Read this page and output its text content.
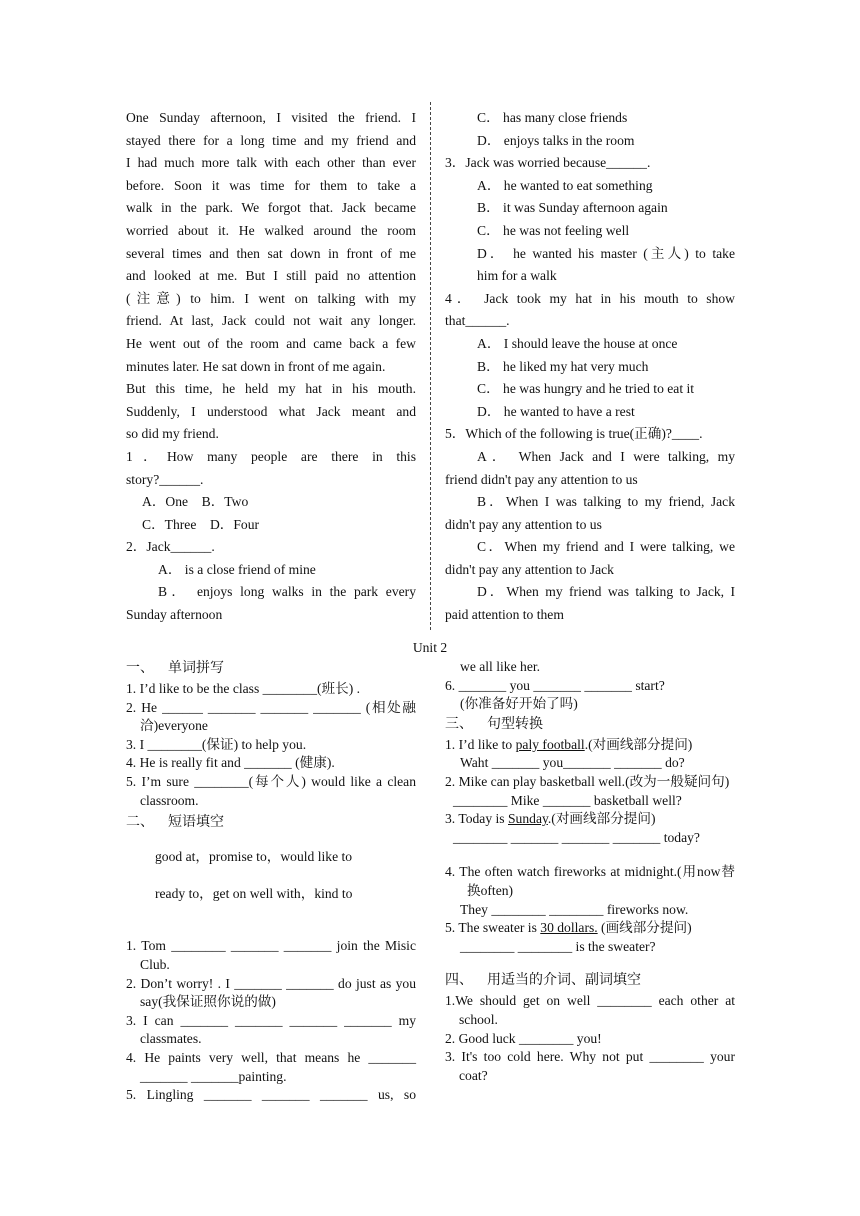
One Sunday afternoon, I visited the friend. I
stayed there for a long time and my friend and
I had much more talk with each other than ever
before. Soon it was time for them to take a
walk in the park. We forgot that. Jack became
worried about it. He walked around the room
several times and then sat down in front of me
and looked at me. But I still paid no attention
(注意) to him. I went on talking with my
friend. At last, Jack could not wait any longer.
He went out of the room and came back a few
minutes later. He sat down in front of me again.
But this time, he held my hat in his mouth.
Suddenly, I understood what Jack meant and
so did my friend.
1．How many people are there in this
story?______.
A．One    B．Two
C．Three    D．Four
2．Jack______.
A． is a close friend of mine
B． enjoys long walks in the park every
Sunday afternoon
C． has many close friends
D． enjoys talks in the room
3．Jack was worried because______.
A． he wanted to eat something
B． it was Sunday afternoon again
C． he was not feeling well
D． he wanted his master (主人) to take
him for a walk
4． Jack took my hat in his mouth to show
that______.
A． I should leave the house at once
B． he liked my hat very much
C． he was hungry and he tried to eat it
D． he wanted to have a rest
5．Which of the following is true(正确)?____.
A． When Jack and I were talking, my
friend didn't pay any attention to us
B．When I was talking to my friend, Jack
didn't pay any attention to us
C．When my friend and I were talking, we
didn't pay any attention to Jack
D．When my friend was talking to Jack, I
paid attention to them
Unit 2
一、 单词拼写
1. I’d like to be the class ________(班长) .
2. He ______ _______ _______ _______ (相处融洽)everyone
3. I ________(保证) to help you.
4. He is really fit and _______ (健康).
5. I’m sure ________(每个人) would like a clean classroom.
二、 短语填空
good at，promise to，would like to
ready to，get on well with，kind to
1. Tom ________ _______ _______ join the Misic Club.
2. Don’t worry! . I _______ _______ do just as you say(我保证照你说的做)
3. I can _______ _______ _______ _______ my classmates.
4. He paints very well, that means he _______ _______ _______painting.
5. Lingling _______ _______ _______ us, so
we all like her.
6. _______ you _______ _______ start?
(你准备好开始了吗)
三、 句型转换
1. I’d like to paly football.(对画线部分提问)
Waht _______ you_______ _______ do?
2. Mike can play basketball well.(改为一般疑问句)
________ Mike _______ basketball well?
3. Today is Sunday.(对画线部分提问)
________ _______ _______ _______ today?
4. The often watch fireworks at midnight.(用now替换often)
They ________ ________ fireworks now.
5. The sweater is 30 dollars. (画线部分提问)
________ ________ is the sweater?
四、 用适当的介词、副词填空
1.We should get on well ________ each other at school.
2. Good luck ________ you!
3. It's too cold here. Why not put ________ your coat?
